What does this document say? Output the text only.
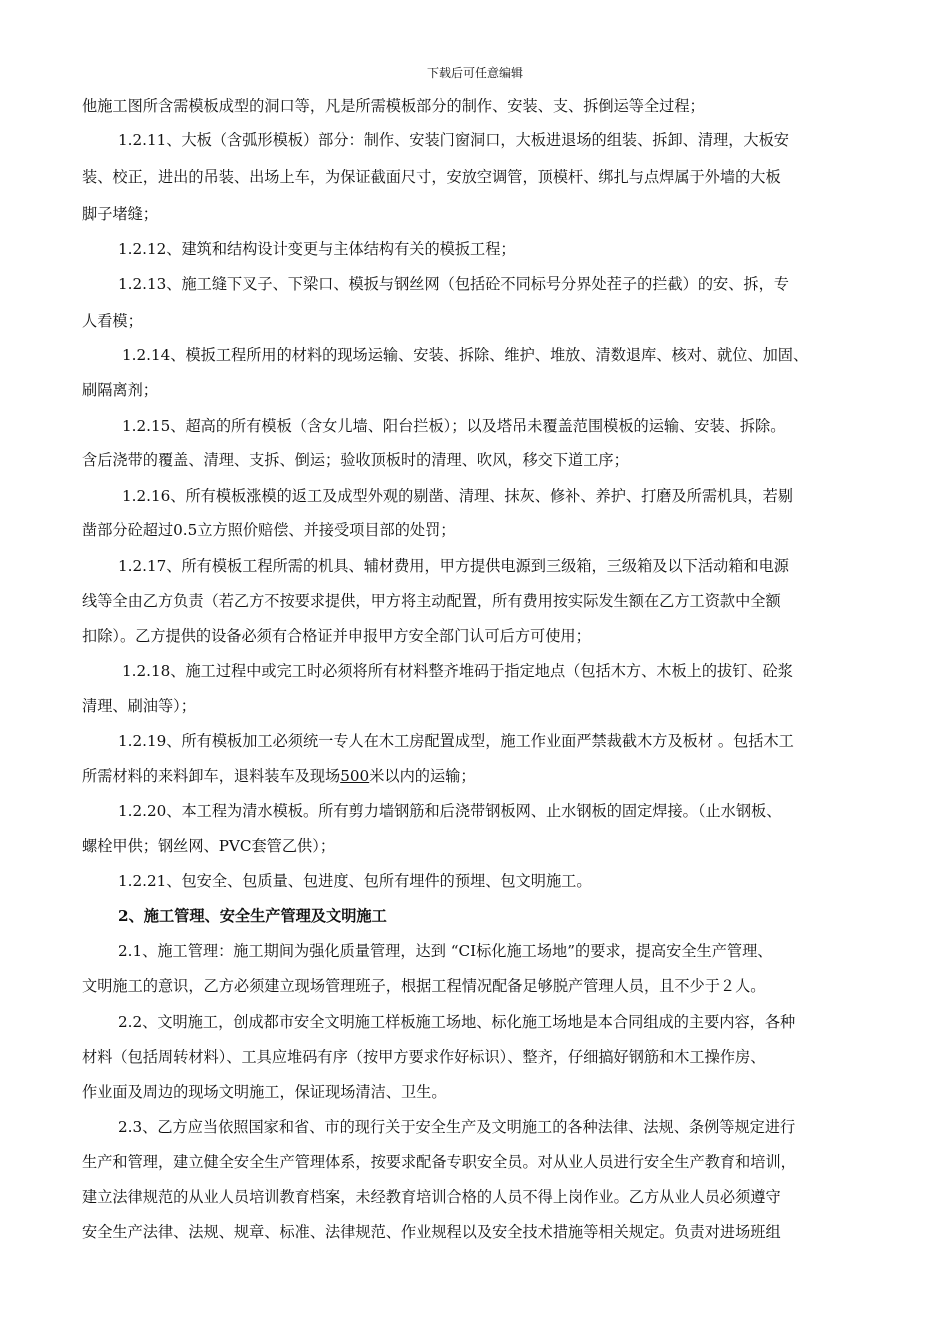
下载后可任意编辑
他施工图所含需模板成型的洞口等，凡是所需模板部分的制作、安装、支、拆倒运等全过程；
1.2.11、大板（含弧形模板）部分：制作、安装门窗洞口，大板进退场的组装、拆卸、清理，大板安
装、校正，进出的吊装、出场上车，为保证截面尺寸，安放空调管，顶模杆、绑扎与点焊属于外墙的大板
脚子堵缝；
1.2.12、建筑和结构设计变更与主体结构有关的模扳工程；
1.2.13、施工缝下叉子、下梁口、模扳与钢丝网（包括砼不同标号分界处茬子的拦截）的安、拆，专
人看模；
1.2.14、模扳工程所用的材料的现场运输、安装、拆除、维护、堆放、清数退库、核对、就位、加固、
刷隔离剂；
1.2.15、超高的所有模板（含女儿墙、阳台拦板）；以及塔吊未覆盖范围模板的运输、安装、拆除。
含后浇带的覆盖、清理、支拆、倒运；验收顶板时的清理、吹风，移交下道工序；
1.2.16、所有模板涨模的返工及成型外观的剔凿、清理、抹灰、修补、养护、打磨及所需机具，若剔
凿部分砼超过0.5立方照价赔偿、并接受项目部的处罚；
1.2.17、所有模板工程所需的机具、辅材费用，甲方提供电源到三级箱，三级箱及以下活动箱和电源
线等全由乙方负责（若乙方不按要求提供，甲方将主动配置，所有费用按实际发生额在乙方工资款中全额
扣除）。乙方提供的设备必须有合格证并申报甲方安全部门认可后方可使用；
1.2.18、施工过程中或完工时必须将所有材料整齐堆码于指定地点（包括木方、木板上的拔钉、砼浆
清理、刷油等）；
1.2.19、所有模板加工必须统一专人在木工房配置成型，施工作业面严禁裁截木方及板材 。包括木工
所需材料的来料卸车，退料装车及现场500米以内的运输；
1.2.20、本工程为清水模板。所有剪力墙钢筋和后浇带钢板网、止水钢板的固定焊接。（止水钢板、
螺栓甲供；钢丝网、PVC套管乙供）；
1.2.21、包安全、包质量、包进度、包所有埋件的预埋、包文明施工。
2、施工管理、安全生产管理及文明施工
2.1、施工管理：施工期间为强化质量管理，达到 “CI标化施工场地”的要求，提高安全生产管理、
文明施工的意识，乙方必须建立现场管理班子，根据工程情况配备足够脱产管理人员，且不少于２人。
2.2、文明施工，创成都市安全文明施工样板施工场地、标化施工场地是本合同组成的主要内容，各种
材料（包括周转材料）、工具应堆码有序（按甲方要求作好标识）、整齐，仔细搞好钢筋和木工操作房、
作业面及周边的现场文明施工，保证现场清洁、卫生。
2.3、乙方应当依照国家和省、市的现行关于安全生产及文明施工的各种法律、法规、条例等规定进行
生产和管理，建立健全安全生产管理体系，按要求配备专职安全员。对从业人员进行安全生产教育和培训，
建立法律规范的从业人员培训教育档案，未经教育培训合格的人员不得上岗作业。乙方从业人员必须遵守
安全生产法律、法规、规章、标准、法律规范、作业规程以及安全技术措施等相关规定。负责对进场班组
